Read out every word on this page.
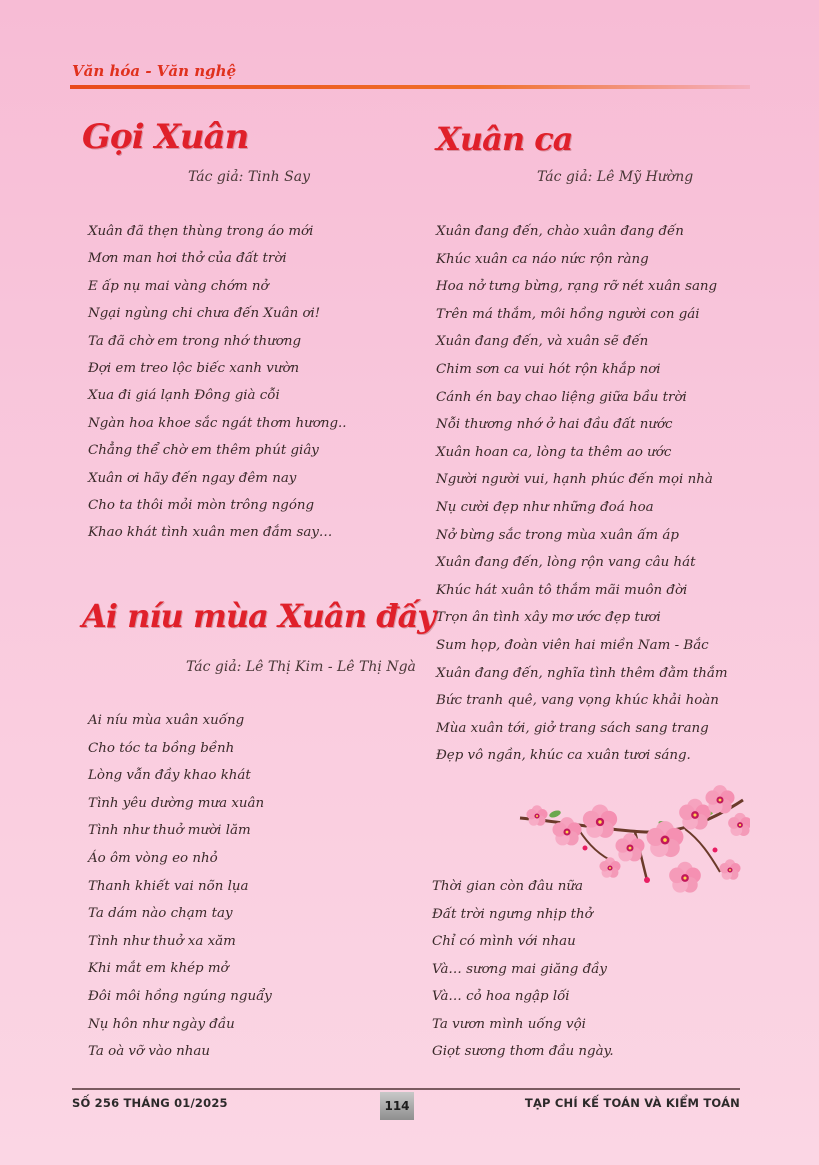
Văn hóa - Văn nghệ
Gọi Xuân
Tác giả: Tinh Say
Xuân đã thẹn thùng trong áo mới
Mơn man hơi thở của đất trời
E ấp nụ mai vàng chớm nở
Ngại ngùng chi chưa đến Xuân ơi!
Ta đã chờ em trong nhớ thương
Đợi em treo lộc biếc xanh vườn
Xua đi giá lạnh Đông già cỗi
Ngàn hoa khoe sắc ngát thơm hương..
Chẳng thể chờ em thêm phút giây
Xuân ơi hãy đến ngay đêm nay
Cho ta thôi mỏi mòn trông ngóng
Khao khát tình xuân men đắm say…
Ai níu mùa Xuân đấy
Tác giả: Lê Thị Kim - Lê Thị Ngà
Ai níu mùa xuân xuống
Cho tóc ta bồng bềnh
Lòng vẫn đầy khao khát
Tình yêu dường mưa xuân
Tình như thuở mười lăm
Áo ôm vòng eo nhỏ
Thanh khiết vai nõn lụa
Ta dám nào chạm tay
Tình như thuở xa xăm
Khi mắt em khép mở
Đôi môi hồng ngúng nguẩy
Nụ hôn như ngày đầu
Ta oà vỡ vào nhau
Xuân ca
Tác giả: Lê Mỹ Hường
Xuân đang đến, chào xuân đang đến
Khúc xuân ca náo nức rộn ràng
Hoa nở tưng bừng, rạng rỡ nét xuân sang
Trên má thắm, môi hồng người con gái
Xuân đang đến, và xuân sẽ đến
Chim sơn ca vui hót rộn khắp nơi
Cánh én bay chao liệng giữa bầu trời
Nỗi thương nhớ ở hai đầu đất nước
Xuân hoan ca, lòng ta thêm ao ước
Người người vui, hạnh phúc đến mọi nhà
Nụ cười đẹp như những đoá hoa
Nở bừng sắc trong mùa xuân ấm áp
Xuân đang đến, lòng rộn vang câu hát
Khúc hát xuân tô thắm mãi muôn đời
Trọn ân tình xây mơ ước đẹp tươi
Sum họp, đoàn viên hai miền Nam - Bắc
Xuân đang đến, nghĩa tình thêm đằm thắm
Bức tranh quê, vang vọng khúc khải hoàn
Mùa xuân tới, giở trang sách sang trang
Đẹp vô ngần, khúc ca xuân tươi sáng.
Thời gian còn đâu nữa
Đất trời ngưng nhịp thở
Chỉ có mình với nhau
Và… sương mai giăng đầy
Và… cỏ hoa ngập lối
Ta vươn mình uống vội
Giọt sương thơm đầu ngày.
SỐ 256 THÁNG 01/2025	114	TẠP CHÍ KẾ TOÁN VÀ KIỂM TOÁN
